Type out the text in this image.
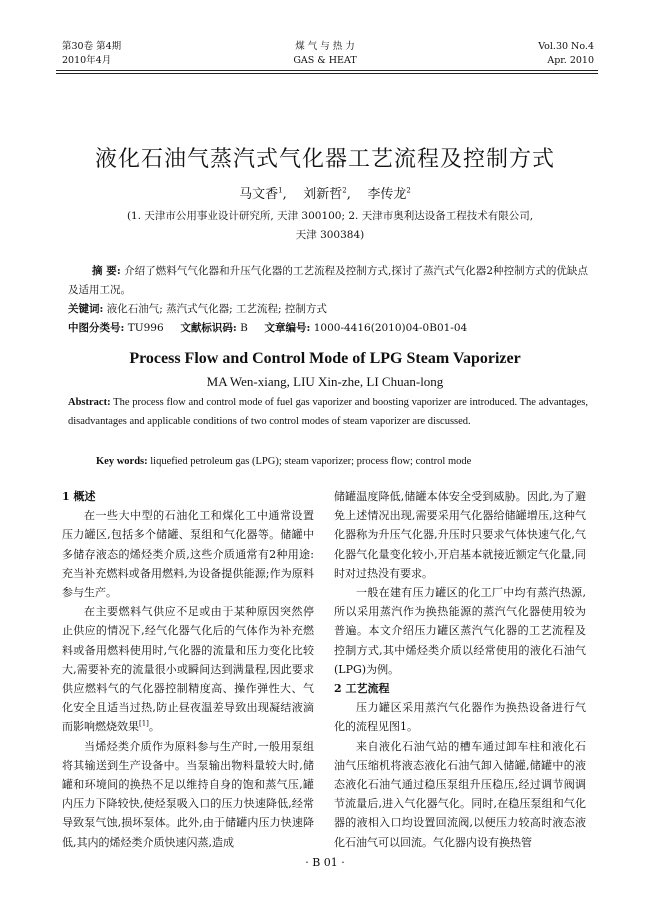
第30卷 第4期
2010年4月
煤 气 与 热 力
GAS & HEAT
Vol.30 No.4
Apr. 2010
液化石油气蒸汽式气化器工艺流程及控制方式
马文香$^1$,    刘新哲$^2$,    李传龙$^2$
(1. 天津市公用事业设计研究所, 天津 300100; 2. 天津市奥利达设备工程技术有限公司,
天津 300384)
摘 要: 介绍了燃料气气化器和升压气化器的工艺流程及控制方式,探讨了蒸汽式气化器2种控制方式的优缺点及适用工况。
关键词: 液化石油气; 蒸汽式气化器; 工艺流程; 控制方式
中图分类号: TU996 文献标识码: B 文章编号: 1000-4416(2010)04-0B01-04
Process Flow and Control Mode of LPG Steam Vaporizer
MA Wen-xiang, LIU Xin-zhe, LI Chuan-long
Abstract: The process flow and control mode of fuel gas vaporizer and boosting vaporizer are introduced. The advantages, disadvantages and applicable conditions of two control modes of steam vaporizer are discussed.
Key words: liquefied petroleum gas (LPG); steam vaporizer; process flow; control mode
1 概述

在一些大中型的石油化工和煤化工中通常设置压力罐区,包括多个储罐、泵组和气化器等。储罐中多储存液态的烯烃类介质,这些介质通常有2种用途:充当补充燃料或备用燃料,为设备提供能源;作为原料参与生产。

在主要燃料气供应不足或由于某种原因突然停止供应的情况下,经气化器气化后的气体作为补充燃料或备用燃料使用时,气化器的流量和压力变化比较大,需要补充的流量很小或瞬间达到满量程,因此要求供应燃料气的气化器控制精度高、操作弹性大、气化安全且适当过热,防止昼夜温差导致出现凝结液滴而影响燃烧效果[1]。

当烯烃类介质作为原料参与生产时,一般用泵组将其输送到生产设备中。当泵输出物料量较大时,储罐和环境间的换热不足以维持自身的饱和蒸气压,罐内压力下降较快,使烃泵吸入口的压力快速降低,经常导致泵气蚀,损坏泵体。此外,由于储罐内压力快速降低,其内的烯烃类介质快速闪蒸,造成

储罐温度降低,储罐本体安全受到威胁。因此,为了避免上述情况出现,需要采用气化器给储罐增压,这种气化器称为升压气化器,升压时只要求气体快速气化,气化器气化量变化较小,开启基本就接近额定气化量,同时对过热没有要求。

一般在建有压力罐区的化工厂中均有蒸汽热源,所以采用蒸汽作为换热能源的蒸汽气化器使用较为普遍。本文介绍压力罐区蒸汽气化器的工艺流程及控制方式,其中烯烃类介质以经常使用的液化石油气(LPG)为例。

2 工艺流程

压力罐区采用蒸汽气化器作为换热设备进行气化的流程见图1。

来自液化石油气站的槽车通过卸车柱和液化石油气压缩机将液态液化石油气卸入储罐,储罐中的液态液化石油气通过稳压泵组升压稳压,经过调节阀调节流量后,进入气化器气化。同时,在稳压泵组和气化器的液相入口均设置回流阀,以便压力较高时液态液化石油气可以回流。气化器内设有换热管

· B 01 ·
